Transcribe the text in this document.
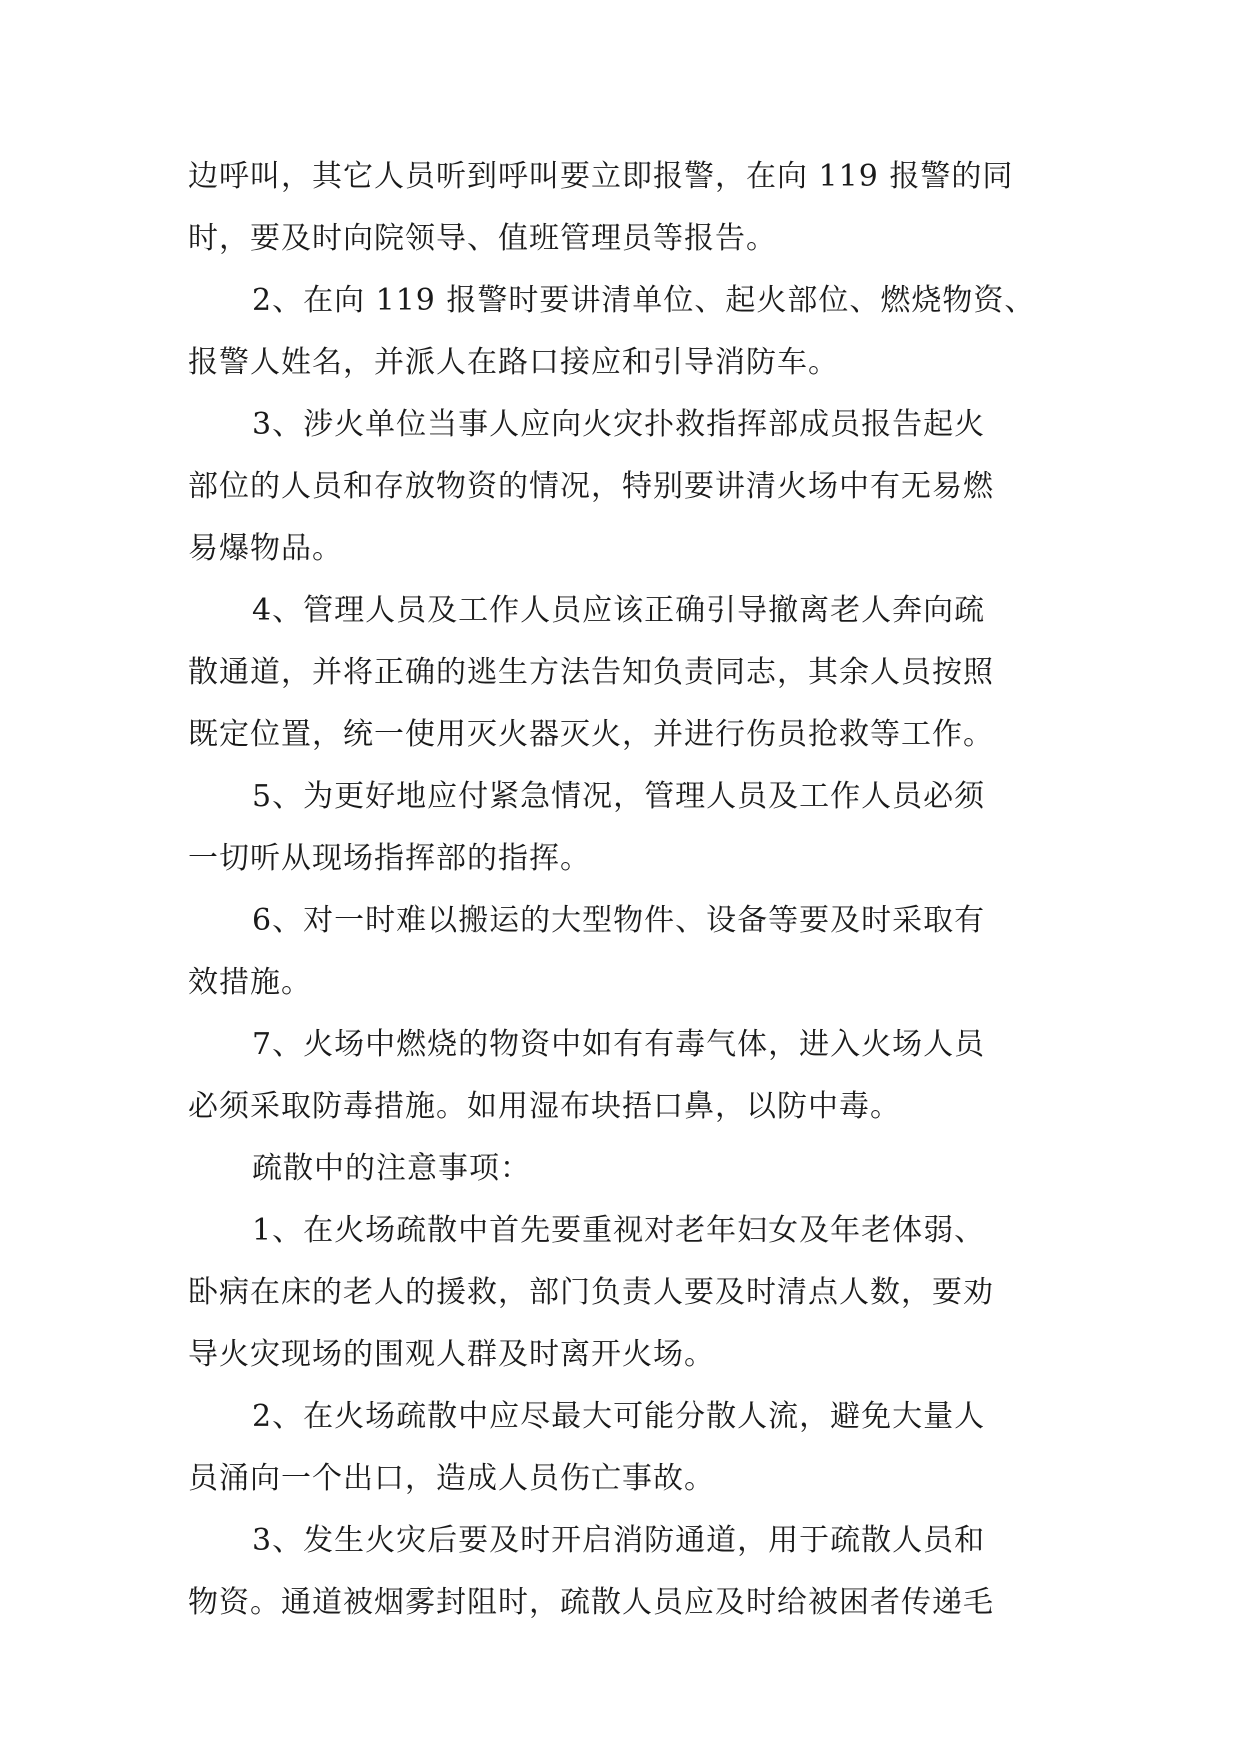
边呼叫，其它人员听到呼叫要立即报警，在向 119 报警的同
时，要及时向院领导、值班管理员等报告。
2、在向 119 报警时要讲清单位、起火部位、燃烧物资、
报警人姓名，并派人在路口接应和引导消防车。
3、涉火单位当事人应向火灾扑救指挥部成员报告起火
部位的人员和存放物资的情况，特别要讲清火场中有无易燃
易爆物品。
4、管理人员及工作人员应该正确引导撤离老人奔向疏
散通道，并将正确的逃生方法告知负责同志，其余人员按照
既定位置，统一使用灭火器灭火，并进行伤员抢救等工作。
5、为更好地应付紧急情况，管理人员及工作人员必须
一切听从现场指挥部的指挥。
6、对一时难以搬运的大型物件、设备等要及时采取有
效措施。
7、火场中燃烧的物资中如有有毒气体，进入火场人员
必须采取防毒措施。如用湿布块捂口鼻，以防中毒。
疏散中的注意事项：
1、在火场疏散中首先要重视对老年妇女及年老体弱、
卧病在床的老人的援救，部门负责人要及时清点人数，要劝
导火灾现场的围观人群及时离开火场。
2、在火场疏散中应尽最大可能分散人流，避免大量人
员涌向一个出口，造成人员伤亡事故。
3、发生火灾后要及时开启消防通道，用于疏散人员和
物资。通道被烟雾封阻时，疏散人员应及时给被困者传递毛
